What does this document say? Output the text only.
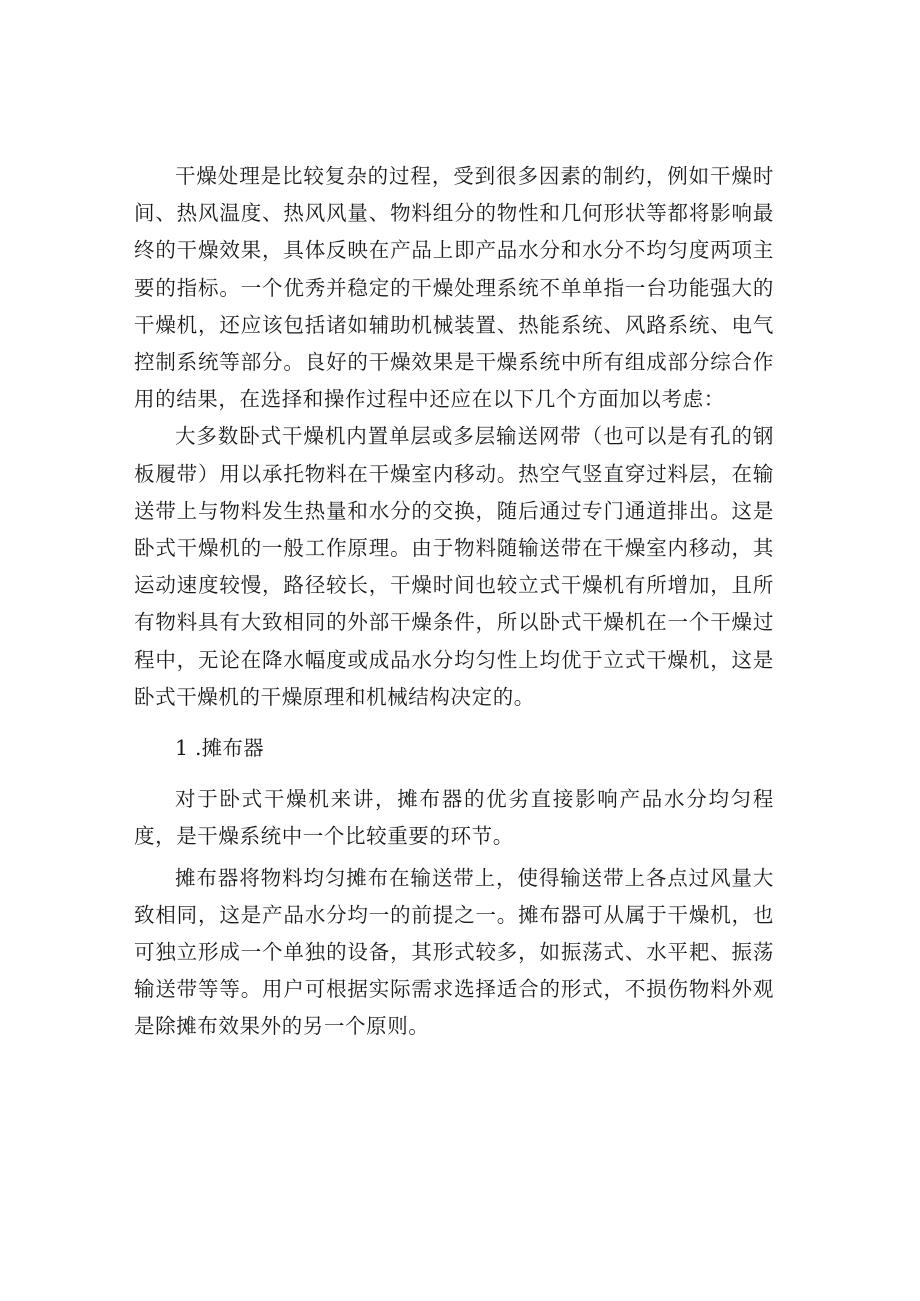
干燥处理是比较复杂的过程，受到很多因素的制约，例如干燥时间、热风温度、热风风量、物料组分的物性和几何形状等都将影响最终的干燥效果，具体反映在产品上即产品水分和水分不均匀度两项主要的指标。一个优秀并稳定的干燥处理系统不单单指一台功能强大的干燥机，还应该包括诸如辅助机械装置、热能系统、风路系统、电气控制系统等部分。良好的干燥效果是干燥系统中所有组成部分综合作用的结果，在选择和操作过程中还应在以下几个方面加以考虑：

大多数卧式干燥机内置单层或多层输送网带（也可以是有孔的钢板履带）用以承托物料在干燥室内移动。热空气竖直穿过料层，在输送带上与物料发生热量和水分的交换，随后通过专门通道排出。这是卧式干燥机的一般工作原理。由于物料随输送带在干燥室内移动，其运动速度较慢，路径较长，干燥时间也较立式干燥机有所增加，且所有物料具有大致相同的外部干燥条件，所以卧式干燥机在一个干燥过程中，无论在降水幅度或成品水分均匀性上均优于立式干燥机，这是卧式干燥机的干燥原理和机械结构决定的。

1 .摊布器

对于卧式干燥机来讲，摊布器的优劣直接影响产品水分均匀程度，是干燥系统中一个比较重要的环节。

摊布器将物料均匀摊布在输送带上，使得输送带上各点过风量大致相同，这是产品水分均一的前提之一。摊布器可从属于干燥机，也可独立形成一个单独的设备，其形式较多，如振荡式、水平耙、振荡输送带等等。用户可根据实际需求选择适合的形式，不损伤物料外观是除摊布效果外的另一个原则。
